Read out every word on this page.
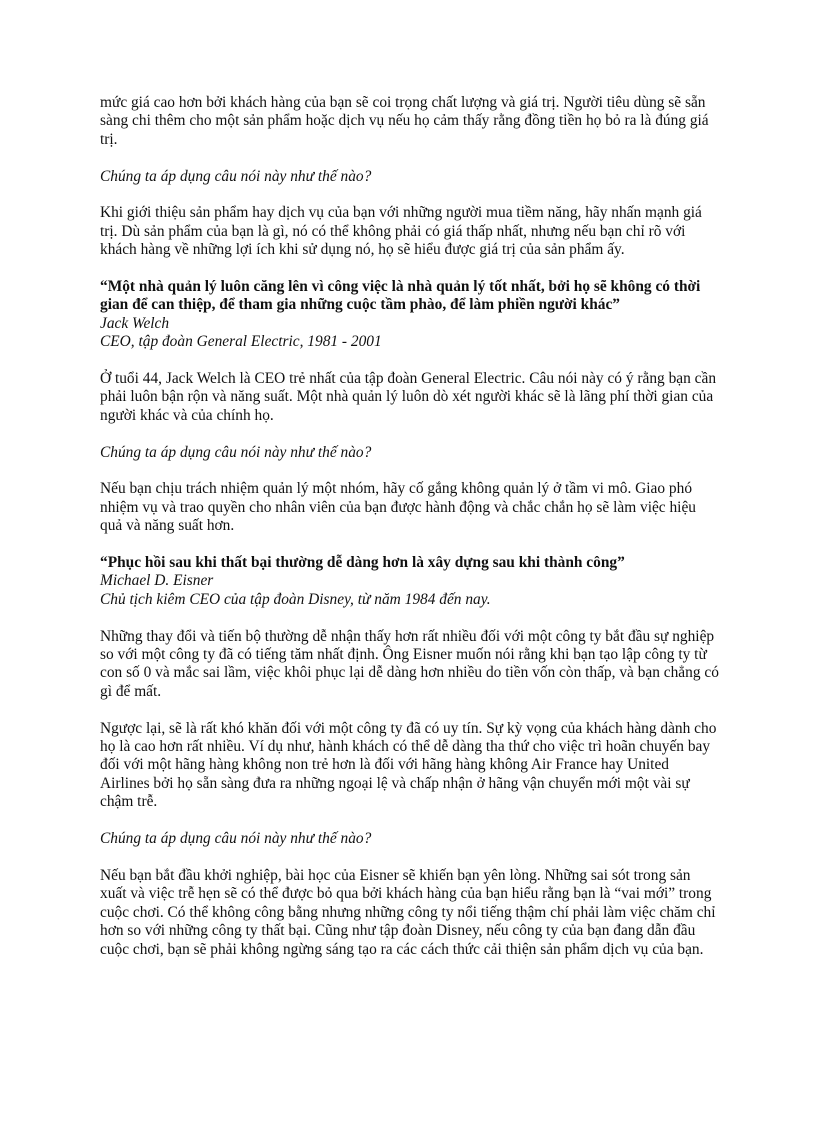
mức giá cao hơn bởi khách hàng của bạn sẽ coi trọng chất lượng và giá trị. Người tiêu dùng sẽ sẵn sàng chi thêm cho một sản phẩm hoặc dịch vụ nếu họ cảm thấy rằng đồng tiền họ bỏ ra là đúng giá trị.

Chúng ta áp dụng câu nói này như thế nào?

Khi giới thiệu sản phẩm hay dịch vụ của bạn với những người mua tiềm năng, hãy nhấn mạnh giá trị. Dù sản phẩm của bạn là gì, nó có thể không phải có giá thấp nhất, nhưng nếu bạn chỉ rõ với khách hàng về những lợi ích khi sử dụng nó, họ sẽ hiểu được giá trị của sản phẩm ấy.

“Một nhà quản lý luôn căng lên vì công việc là nhà quản lý tốt nhất, bởi họ sẽ không có thời gian để can thiệp, để tham gia những cuộc tầm phào, để làm phiền người khác”

Jack Welch

CEO, tập đoàn General Electric, 1981 - 2001

Ở tuổi 44, Jack Welch là CEO trẻ nhất của tập đoàn General Electric. Câu nói này có ý rằng bạn cần phải luôn bận rộn và năng suất. Một nhà quản lý luôn dò xét người khác sẽ là lãng phí thời gian của người khác và của chính họ.

Chúng ta áp dụng câu nói này như thế nào?

Nếu bạn chịu trách nhiệm quản lý một nhóm, hãy cố gắng không quản lý ở tầm vi mô. Giao phó nhiệm vụ và trao quyền cho nhân viên của bạn được hành động và chắc chắn họ sẽ làm việc hiệu quả và năng suất hơn.

“Phục hồi sau khi thất bại thường dễ dàng hơn là xây dựng sau khi thành công”

Michael D. Eisner

Chủ tịch kiêm CEO của tập đoàn Disney, từ năm 1984 đến nay.

Những thay đổi và tiến bộ thường dễ nhận thấy hơn rất nhiều đối với một công ty bắt đầu sự nghiệp so với một công ty đã có tiếng tăm nhất định. Ông Eisner muốn nói rằng khi bạn tạo lập công ty từ con số 0 và mắc sai lầm, việc khôi phục lại dễ dàng hơn nhiều do tiền vốn còn thấp, và bạn chẳng có gì để mất.

Ngược lại, sẽ là rất khó khăn đối với một công ty đã có uy tín. Sự kỳ vọng của khách hàng dành cho họ là cao hơn rất nhiều. Ví dụ như, hành khách có thể dễ dàng tha thứ cho việc trì hoãn chuyến bay đối với một hãng hàng không non trẻ hơn là đối với hãng hàng không Air France hay United Airlines bởi họ sẵn sàng đưa ra những ngoại lệ và chấp nhận ở hãng vận chuyển mới một vài sự chậm trễ.

Chúng ta áp dụng câu nói này như thế nào?

Nếu bạn bắt đầu khởi nghiệp, bài học của Eisner sẽ khiến bạn yên lòng. Những sai sót trong sản xuất và việc trễ hẹn sẽ có thể được bỏ qua bởi khách hàng của bạn hiểu rằng bạn là “vai mới” trong cuộc chơi. Có thể không công bằng nhưng những công ty nổi tiếng thậm chí phải làm việc chăm chỉ hơn so với những công ty thất bại. Cũng như tập đoàn Disney, nếu công ty của bạn đang dẫn đầu cuộc chơi, bạn sẽ phải không ngừng sáng tạo ra các cách thức cải thiện sản phẩm dịch vụ của bạn.
